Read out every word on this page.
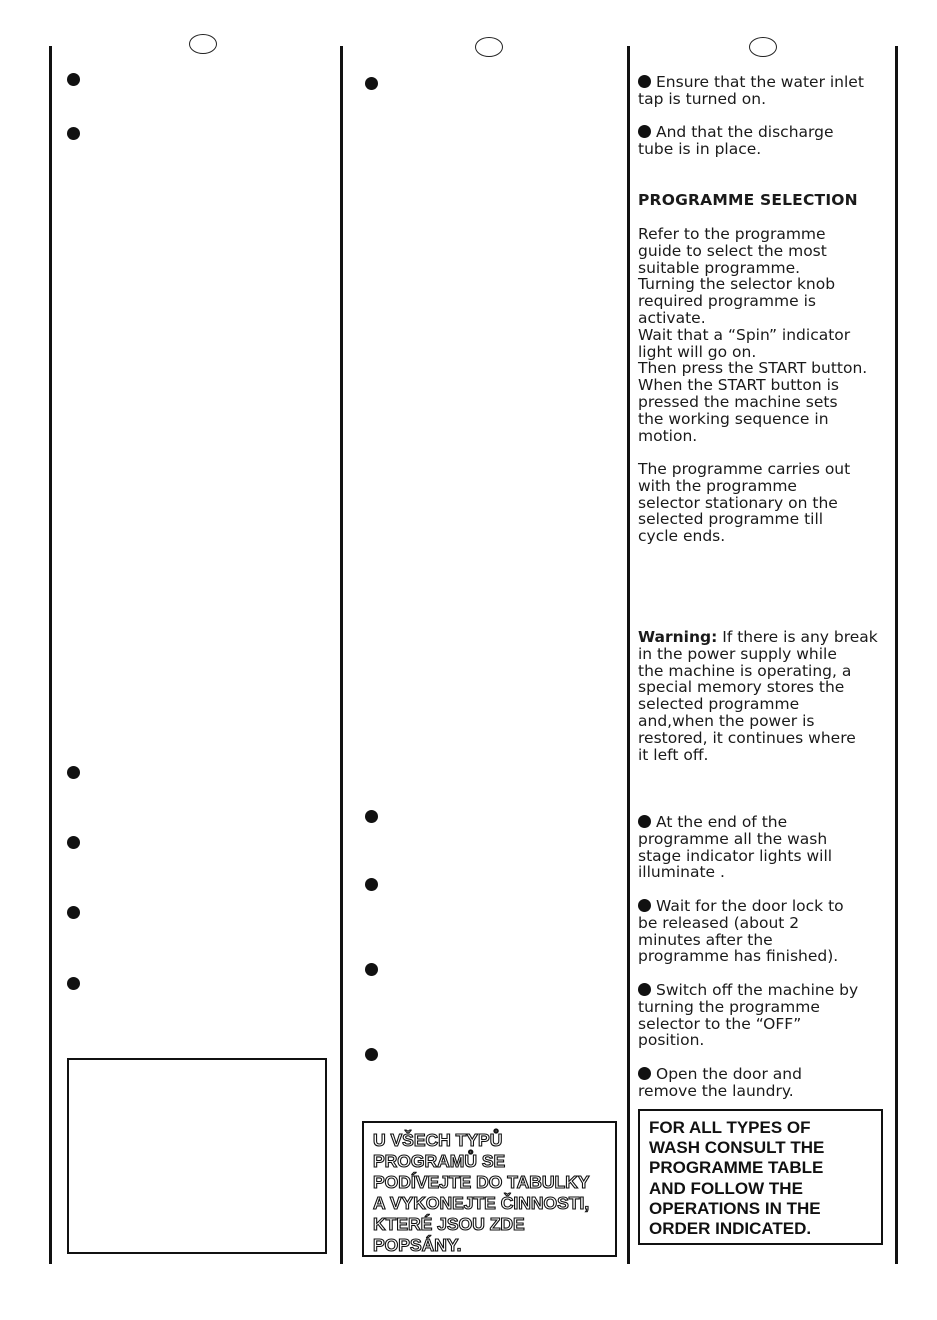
U VŠECH TYPŮ
PROGRAMŮ SE
PODÍVEJTE DO TABULKY
A VYKONEJTE ČINNOSTI,
KTERÉ JSOU ZDE
POPSÁNY.
Ensure that the water inlet
tap is turned on.
And that the discharge
tube is in place.
PROGRAMME SELECTION
Refer to the programme
guide to select the most
suitable programme.
Turning the selector knob
required programme is
activate.
Wait that a “Spin” indicator
light will go on.
Then press the START button.
When the START button is
pressed the machine sets
the working sequence in
motion.
The programme carries out
with the programme
selector stationary on the
selected programme till
cycle ends.
Warning: If there is any break
in the power supply while
the machine is operating, a
special memory stores the
selected programme
and,when the power is
restored, it continues where
it left off.
At the end of the
programme all the wash
stage indicator lights will
illuminate .
Wait for the door lock to
be released (about 2
minutes after the
programme has finished).
Switch off the machine by
turning the programme
selector to the “OFF”
position.
Open the door and
remove the laundry.
FOR ALL TYPES OF
WASH CONSULT THE
PROGRAMME TABLE
AND FOLLOW THE
OPERATIONS IN THE
ORDER INDICATED.
